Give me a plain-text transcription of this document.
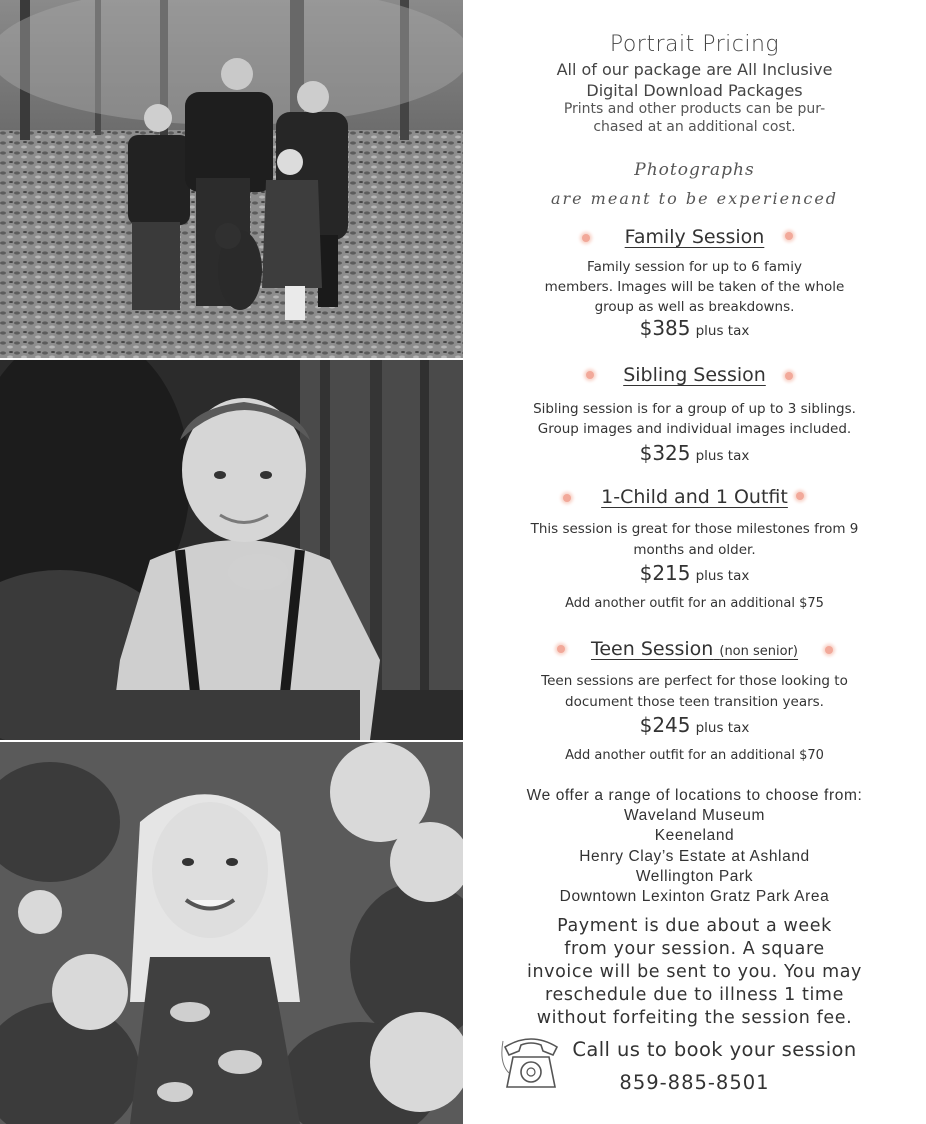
Portrait Pricing
All of our package are All Inclusive
Digital Download Packages
Prints and other products can be pur-
chased at an additional cost.
Photographs
are meant to be experienced
Family Session
Family session for up to 6 famiy
members. Images will be taken of the whole
group as well as breakdowns.
$385 plus tax
Sibling Session
Sibling session is for a group of up to 3 siblings.
Group images and individual images included.
$325 plus tax
1-Child and 1 Outfit
This session is great for those milestones from 9
months and older.
$215 plus tax
Add another outfit for an additional $75
Teen Session (non senior)
Teen sessions are perfect for those looking to
document those teen transition years.
$245 plus tax
Add another outfit for an additional $70
We offer a range of locations to choose from:
Waveland Museum
Keeneland
Henry Clay’s Estate at Ashland
Wellington Park
Downtown Lexinton Gratz Park Area
Payment is due about a week
from your session. A square
invoice will be sent to you. You may
reschedule due to illness 1 time
without forfeiting the session fee.
Call us to book your session
859-885-8501
